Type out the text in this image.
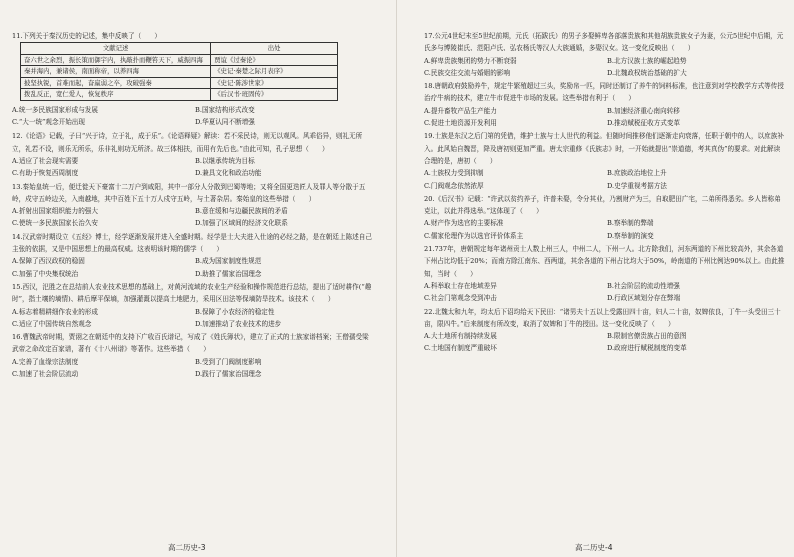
11.下列关于秦汉历史的记述，集中反映了（　　）
文献记述	出处
奋六世之余烈，振长策而御宇内，执敲扑而鞭笞天下，威振四海	贾谊《过秦论》
秦并海内，兼诸侯，南面称帝，以养四海	《史记·秦楚之际月表序》
披坚执锐，首难而起，奋羸弱之卒，攻破强秦	《史记·陈涉世家》
拨乱反正，宽仁爱人，恢复秩序	《后汉书·班固传》
A.统一多民族国家形成与发展	B.国家结构形式改变
C.“大一统”观念开始出现	D.华夏认同不断增强
12.《论语》记载，子曰“兴于诗，立于礼，成于乐”。《论语释疑》解读：若不采民诗，则无以观风。风乖俗异，则礼无所立，礼若不设，则乐无所乐，乐非礼则功无所济。故三体相扶，而用有先后也。”由此可知，孔子思想（　　）
A.适应了社会现实需要	B.以继承传统为目标
C.有助于恢复西周制度	D.兼具文化和政治功能
13.秦始皇统一后，便迁徙天下豪富十二万户到咸阳，其中一部分人分散到巴蜀等地；又将全国更迭匠人及罪人等分散于五岭，戍守五岭边关，入南越地，其中百姓下五十万人戍守五岭，与土著杂居。秦始皇的这些举措（　　）
A.折射出国家组织能力的强大	B.意在缓和与边疆民族间的矛盾
C.使统一多民族国家长治久安	D.加强了区域间的经济文化联系
14.汉武帝时期设立《五经》博士，经学逐渐发展并进入全盛时期。经学是士大夫进入仕途的必经之路，是在朝廷上陈述自己主张的依据，又是中国思想上的最高权威。这表明该时期的儒学（　　）
A.保障了西汉政权的稳固	B.成为国家制度性规范
C.加强了中央集权统治	D.助推了儒家治国理念
15.西汉，汜胜之在总结前人农业技术思想的基础上，对黄河流域的农业生产经验和操作规范进行总结，提出了适时耕作(“趣时”，指土壤的墒情)、耕后摩平保墒，加强灌溉以提高土地肥力，采用区田法等保墒防旱技术。该技术（　　）
A.标志着精耕细作农业的形成	B.保障了小农经济的稳定性
C.适应了中国传统自然观念	D.加速推动了农业技术的进步
16.曹魏武帝时期，贾诩之在朝廷中的支持下广收百氏谱记，写成了《姓氏簿状》，建立了正式的士族家谱档案；王僧孺受梁武帝之命改定百家谱，著有《十八州谱》等著作。这些举措（　　）
A.完善了血缘宗法制度	B.受到了门阀制度影响
C.加速了社会阶层流动	D.践行了儒家治国理念
17.公元4世纪末至5世纪前期，元氏（拓跋氏）的男子多娶鲜卑各部落贵族和其他胡族贵族女子为妻，公元5世纪中后期，元氏多与博陵崔氏、范阳卢氏、弘农杨氏等汉人大族通婚，多娶汉女。这一变化反映出（　　）
A.鲜卑贵族集团的势力不断衰弱	B.北方汉族士族的崛起趋势
C.民族交往交流与婚姻的影响	D.北魏政权统治基础的扩大
18.唐朝政府鼓励养牛，规定牛繁殖超过三头，奖励帛一匹，同时还制订了养牛的饲料标准，也注意到对学校教学方式等传授治疗牛病的技术，建立牛市促进牛市场的发展。这些举措有利于（　　）
A.提升畜牧产品生产能力	B.加速经济重心南向转移
C.促进土地资源开发利用	D.推动赋税征收方式变革
19.士族是东汉之后门第的凭借，维护士族与士人世代的利益。但随时间推移他们逐渐走向衰落，任职于朝中的人，以庶族补入。此风始自魏晋，降及唐初则更加严重。唐太宗重修《氏族志》时，一开始就提出“崇道德，考其真伪”的要求。对此解读合理的是，唐初（　　）
A.士族权力受到抑制	B.庶族政治地位上升
C.门阀观念依然浓厚	D.史学重视考据方法
20.《后汉书》记载：“许武以贫约养子，许普未娶，令分其业，乃割财产为三，自取肥田广宅，二弟所得悉劣。乡人皆称弟克让，以此并得选举。”这体现了（　　）
A.财产作为选官的主要标准	B.察举制的弊端
C.儒家伦理作为以选官评价体系主	D.察举制的演变
21.737年，唐朝规定每年诸州贡士人数上州三人，中州二人，下州一人。北方除我们，河东两道的下州比较高外，其余各道下州占比均低于20%；而南方除江南东、西两道，其余各道的下州占比均大于50%，岭南道的下州比例达90%以上。由此推知，当时（　　）
A.科举取士存在地域差异	B.社会阶层的流动性增强
C.社会门第观念受到冲击	D.行政区域划分存在弊端
22.北魏太和九年，均太后下诏均给天下民田：“诸男夫十五以上受露田四十亩，妇人二十亩，奴婢依良，丁牛一头受田三十亩，限四牛。”后来制度有所改变，取消了奴婢和丁牛的授田。这一变化反映了（　　）
A.大土地所有制持续发展	B.限制官僚贵族占田的意图
C.土地国有制度严重破坏	D.政府进行赋税制度的变革
高二历史-3	高二历史-4
